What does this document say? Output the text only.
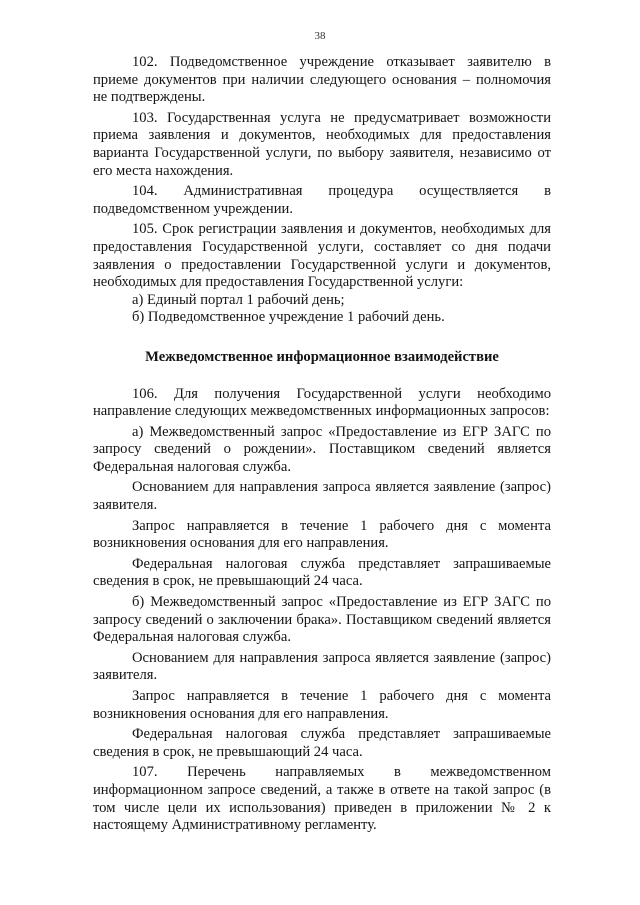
38

102. Подведомственное учреждение отказывает заявителю в приеме документов при наличии следующего основания – полномочия не подтверждены.

103. Государственная услуга не предусматривает возможности приема заявления и документов, необходимых для предоставления варианта Государственной услуги, по выбору заявителя, независимо от его места нахождения.

104. Административная процедура осуществляется в подведомственном учреждении.

105. Срок регистрации заявления и документов, необходимых для предоставления Государственной услуги, составляет со дня подачи заявления о предоставлении Государственной услуги и документов, необходимых для предоставления Государственной услуги:

а) Единый портал 1 рабочий день;

б) Подведомственное учреждение 1 рабочий день.

Межведомственное информационное взаимодействие

106. Для получения Государственной услуги необходимо направление следующих межведомственных информационных запросов:

а) Межведомственный запрос «Предоставление из ЕГР ЗАГС по запросу сведений о рождении». Поставщиком сведений является Федеральная налоговая служба.

Основанием для направления запроса является заявление (запрос) заявителя.

Запрос направляется в течение 1 рабочего дня с момента возникновения основания для его направления.

Федеральная налоговая служба представляет запрашиваемые сведения в срок, не превышающий 24 часа.

б) Межведомственный запрос «Предоставление из ЕГР ЗАГС по запросу сведений о заключении брака». Поставщиком сведений является Федеральная налоговая служба.

Основанием для направления запроса является заявление (запрос) заявителя.

Запрос направляется в течение 1 рабочего дня с момента возникновения основания для его направления.

Федеральная налоговая служба представляет запрашиваемые сведения в срок, не превышающий 24 часа.

107. Перечень направляемых в межведомственном информационном запросе сведений, а также в ответе на такой запрос (в том числе цели их использования) приведен в приложении № 2 к настоящему Административному регламенту.
